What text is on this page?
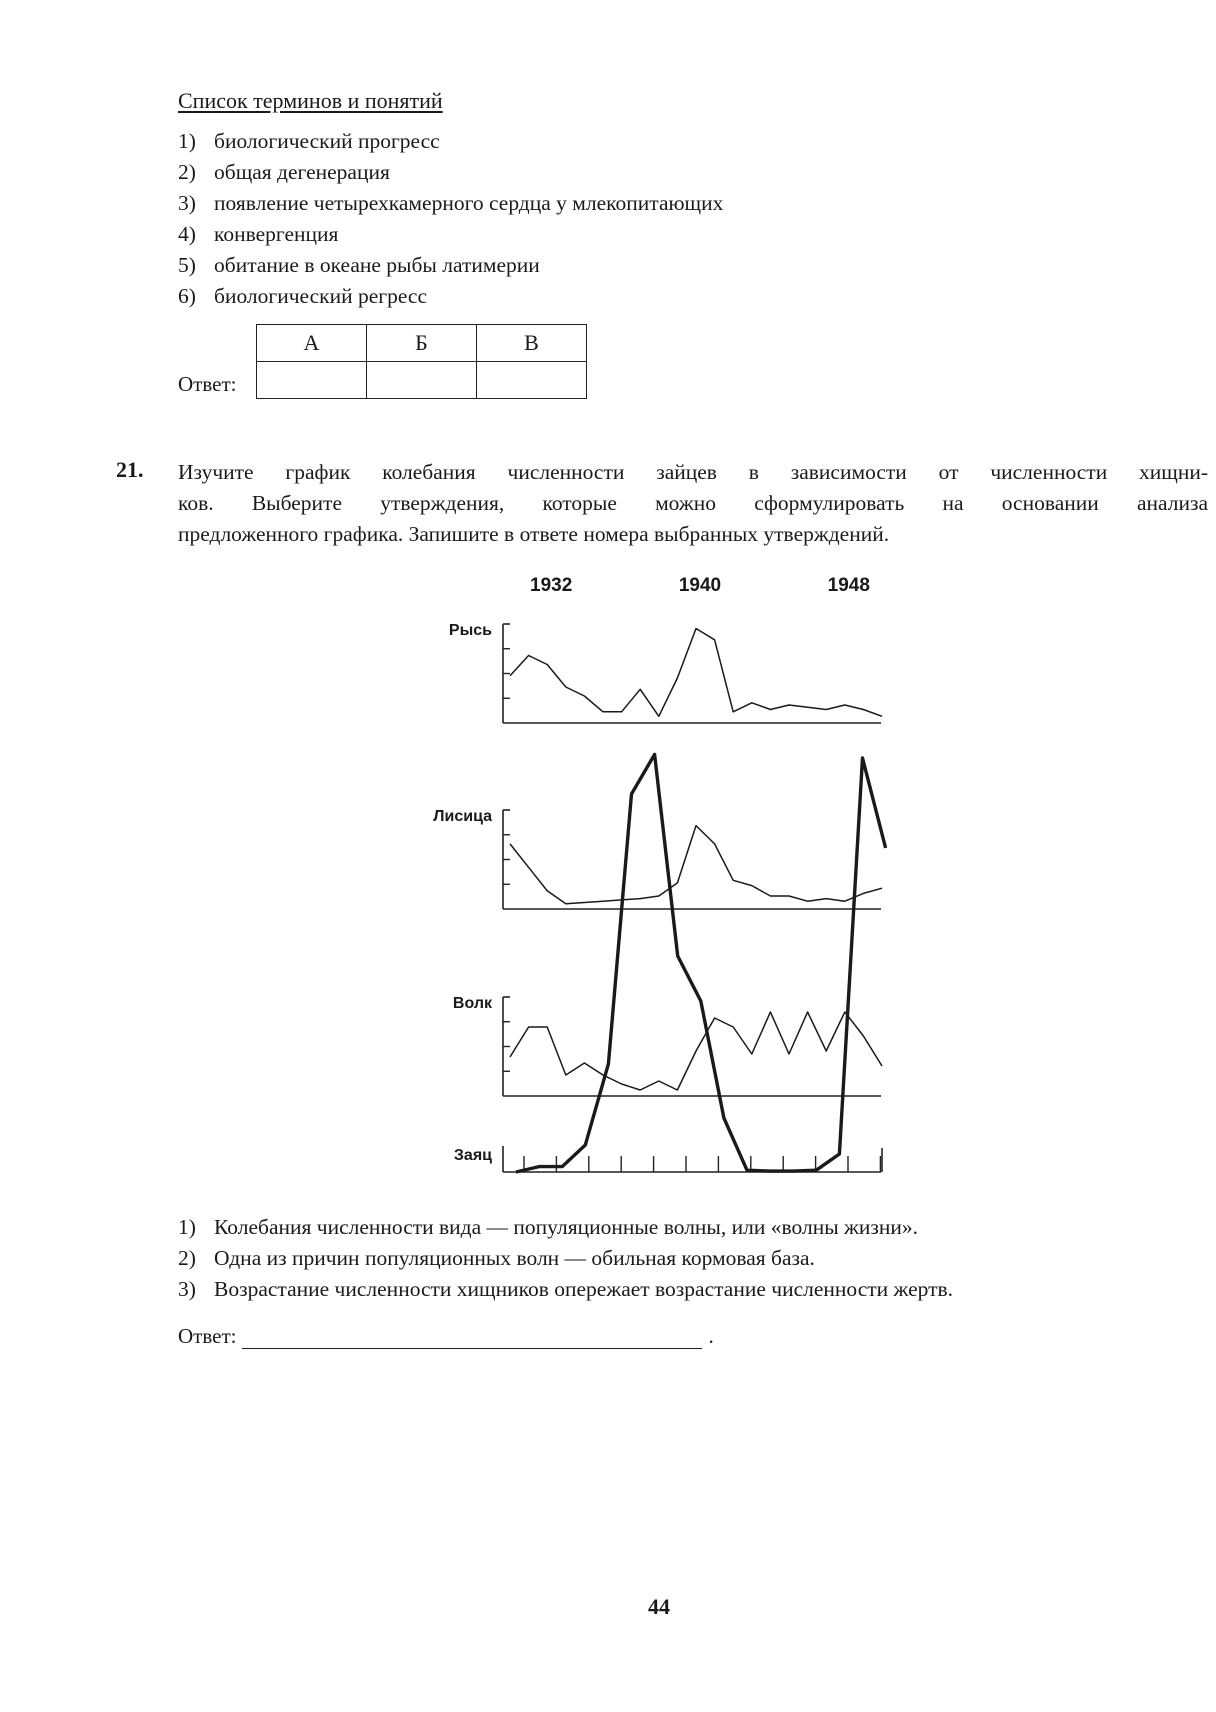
Список терминов и понятий
1) биологический прогресс
2) общая дегенерация
3) появление четырехкамерного сердца у млекопитающих
4) конвергенция
5) обитание в океане рыбы латимерии
6) биологический регресс
Ответ:
А	Б	В

21. Изучите график колебания численности зайцев в зависимости от численности хищни-
ков. Выберите утверждения, которые можно сформулировать на основании анализа
предложенного графика. Запишите в ответе номера выбранных утверждений.
1932	1940	1948
Рысь
Лисица
Волк
Заяц
1) Колебания численности вида — популяционные волны, или «волны жизни».
2) Одна из причин популяционных волн — обильная кормовая база.
3) Возрастание численности хищников опережает возрастание численности жертв.
Ответ:	.
44
